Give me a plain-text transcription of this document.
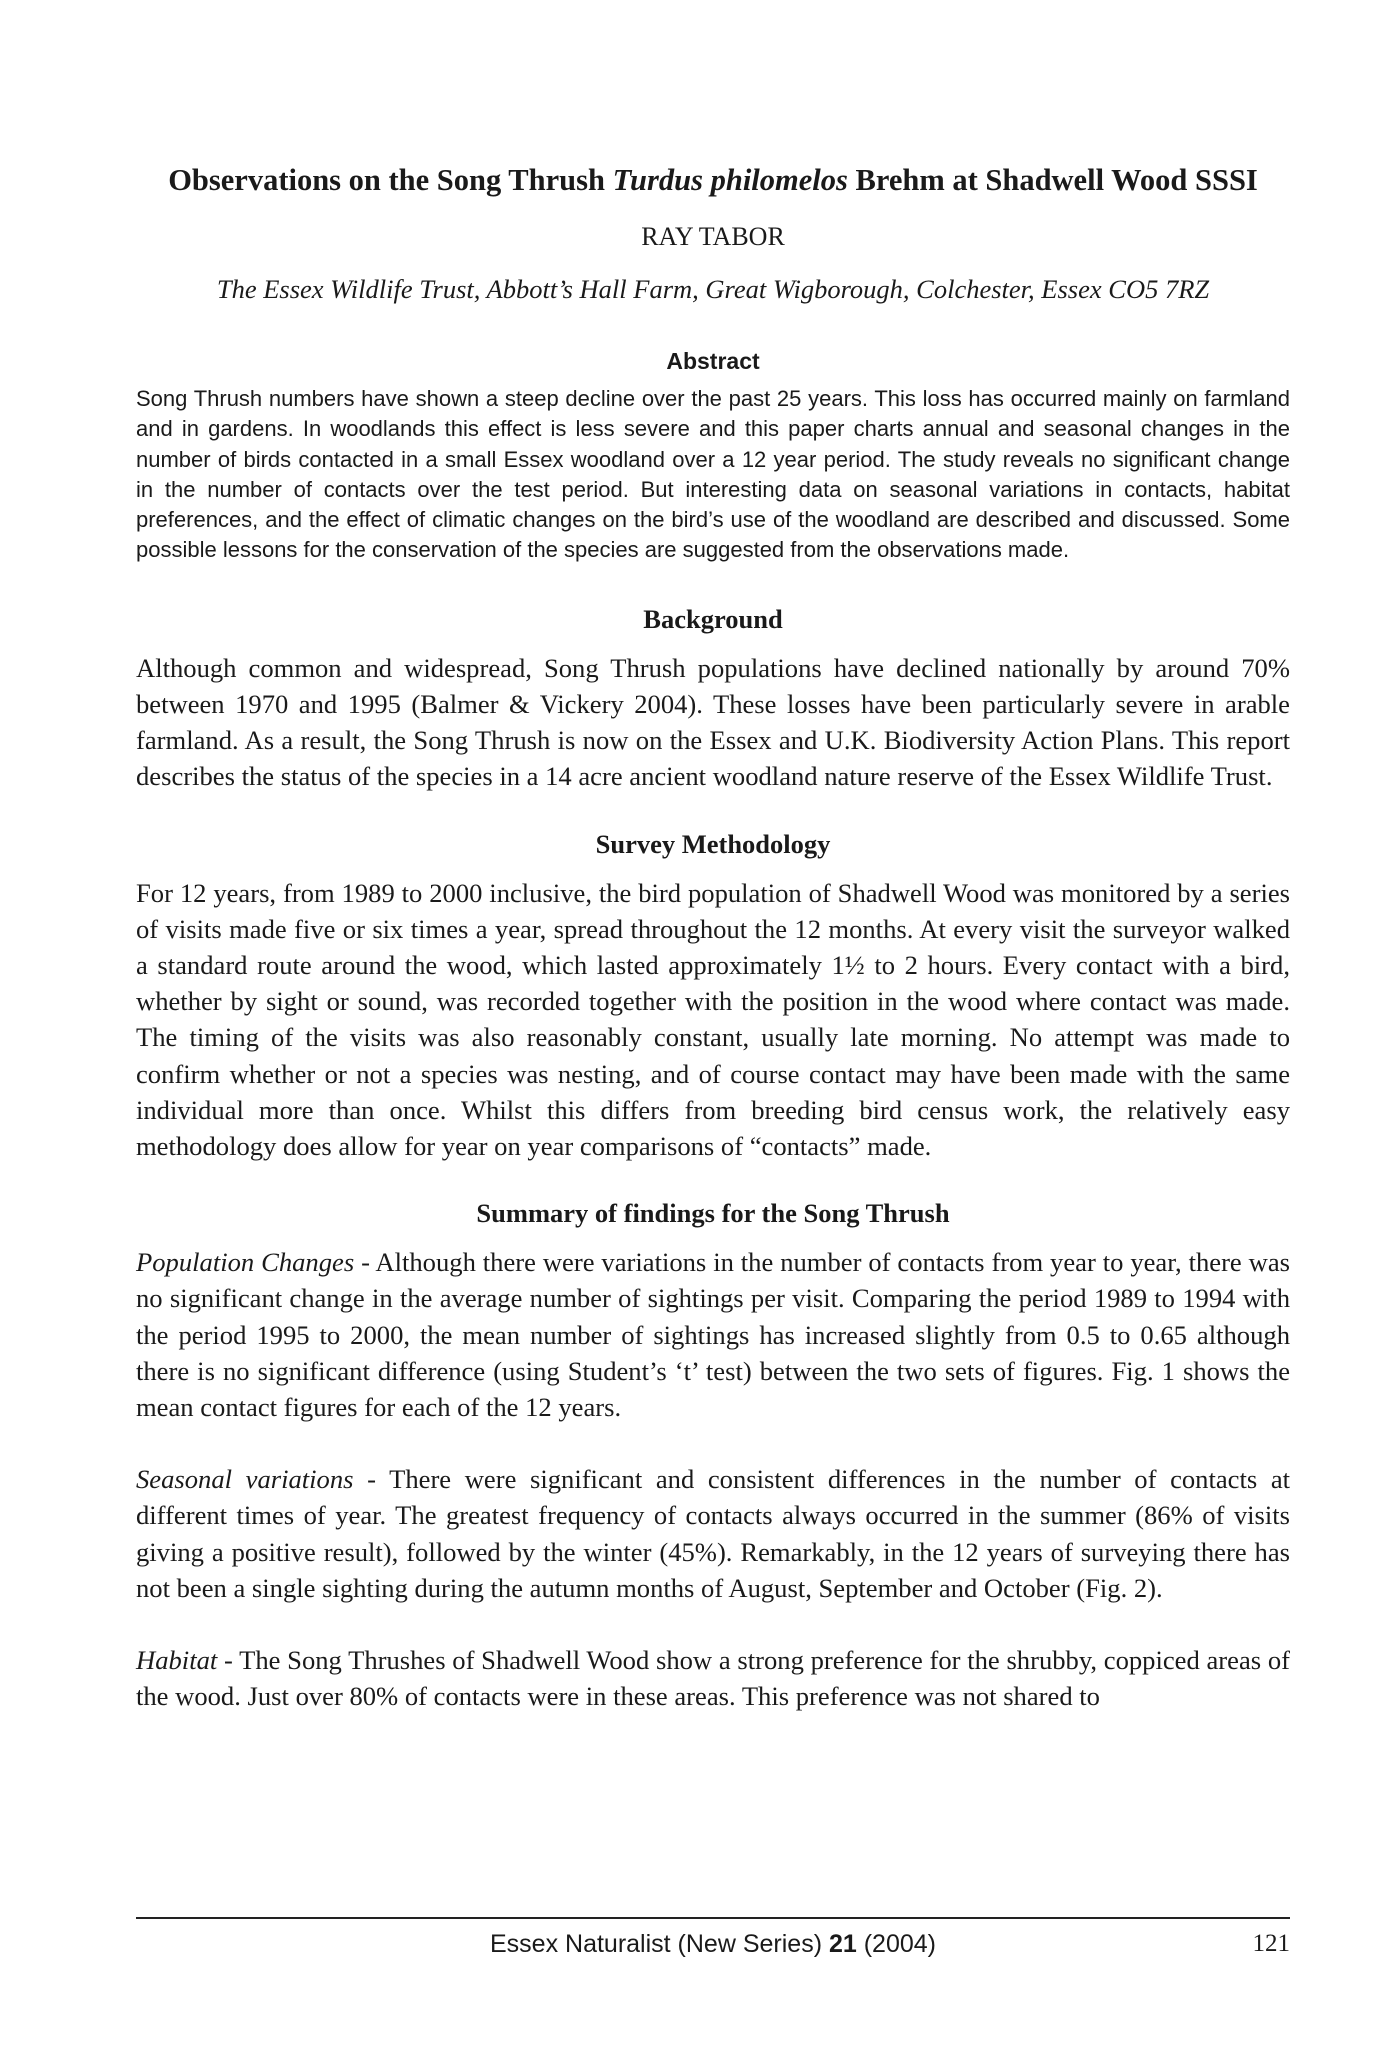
Observations on the Song Thrush Turdus philomelos Brehm at Shadwell Wood SSSI

RAY TABOR

The Essex Wildlife Trust, Abbott’s Hall Farm, Great Wigborough, Colchester, Essex CO5 7RZ

Abstract

Song Thrush numbers have shown a steep decline over the past 25 years. This loss has occurred mainly on farmland and in gardens. In woodlands this effect is less severe and this paper charts annual and seasonal changes in the number of birds contacted in a small Essex woodland over a 12 year period. The study reveals no significant change in the number of contacts over the test period. But interesting data on seasonal variations in contacts, habitat preferences, and the effect of climatic changes on the bird’s use of the woodland are described and discussed. Some possible lessons for the conservation of the species are suggested from the observations made.

Background

Although common and widespread, Song Thrush populations have declined nationally by around 70% between 1970 and 1995 (Balmer & Vickery 2004). These losses have been particularly severe in arable farmland. As a result, the Song Thrush is now on the Essex and U.K. Biodiversity Action Plans. This report describes the status of the species in a 14 acre ancient woodland nature reserve of the Essex Wildlife Trust.

Survey Methodology

For 12 years, from 1989 to 2000 inclusive, the bird population of Shadwell Wood was monitored by a series of visits made five or six times a year, spread throughout the 12 months. At every visit the surveyor walked a standard route around the wood, which lasted approximately 1½ to 2 hours. Every contact with a bird, whether by sight or sound, was recorded together with the position in the wood where contact was made. The timing of the visits was also reasonably constant, usually late morning. No attempt was made to confirm whether or not a species was nesting, and of course contact may have been made with the same individual more than once. Whilst this differs from breeding bird census work, the relatively easy methodology does allow for year on year comparisons of “contacts” made.

Summary of findings for the Song Thrush

Population Changes - Although there were variations in the number of contacts from year to year, there was no significant change in the average number of sightings per visit. Comparing the period 1989 to 1994 with the period 1995 to 2000, the mean number of sightings has increased slightly from 0.5 to 0.65 although there is no significant difference (using Student’s ‘t’ test) between the two sets of figures. Fig. 1 shows the mean contact figures for each of the 12 years.

Seasonal variations - There were significant and consistent differences in the number of contacts at different times of year. The greatest frequency of contacts always occurred in the summer (86% of visits giving a positive result), followed by the winter (45%). Remarkably, in the 12 years of surveying there has not been a single sighting during the autumn months of August, September and October (Fig. 2).

Habitat - The Song Thrushes of Shadwell Wood show a strong preference for the shrubby, coppiced areas of the wood. Just over 80% of contacts were in these areas. This preference was not shared to

Essex Naturalist (New Series) 21 (2004)	121
